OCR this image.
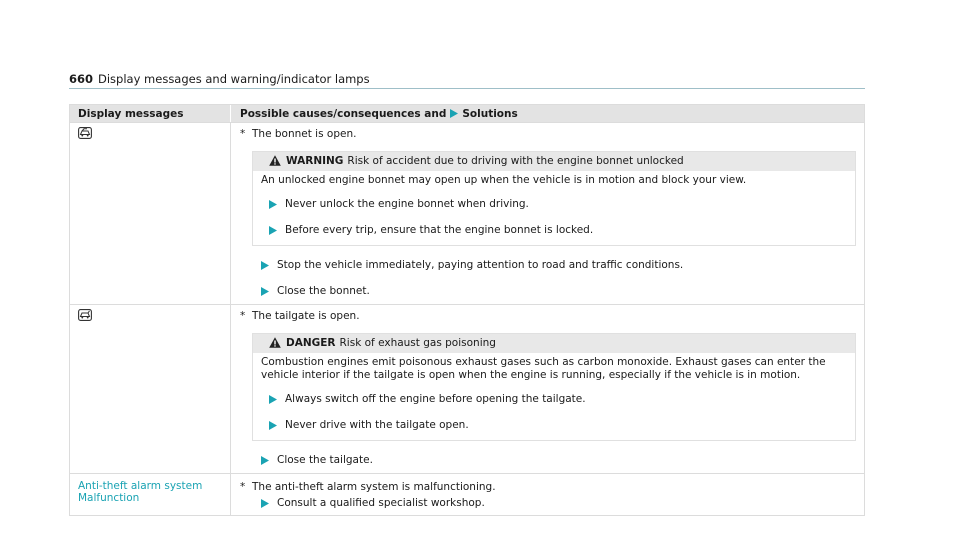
660 Display messages and warning/indicator lamps
Display messages	Possible causes/consequences and Solutions
* The bonnet is open.
WARNING Risk of accident due to driving with the engine bonnet unlocked
An unlocked engine bonnet may open up when the vehicle is in motion and block your view.
Never unlock the engine bonnet when driving.
Before every trip, ensure that the engine bonnet is locked.
Stop the vehicle immediately, paying attention to road and traffic conditions.
Close the bonnet.
* The tailgate is open.
DANGER Risk of exhaust gas poisoning
Combustion engines emit poisonous exhaust gases such as carbon monoxide. Exhaust gases can enter the
vehicle interior if the tailgate is open when the engine is running, especially if the vehicle is in motion.
Always switch off the engine before opening the tailgate.
Never drive with the tailgate open.
Close the tailgate.
Anti-theft alarm system
Malfunction
* The anti-theft alarm system is malfunctioning.
Consult a qualified specialist workshop.
